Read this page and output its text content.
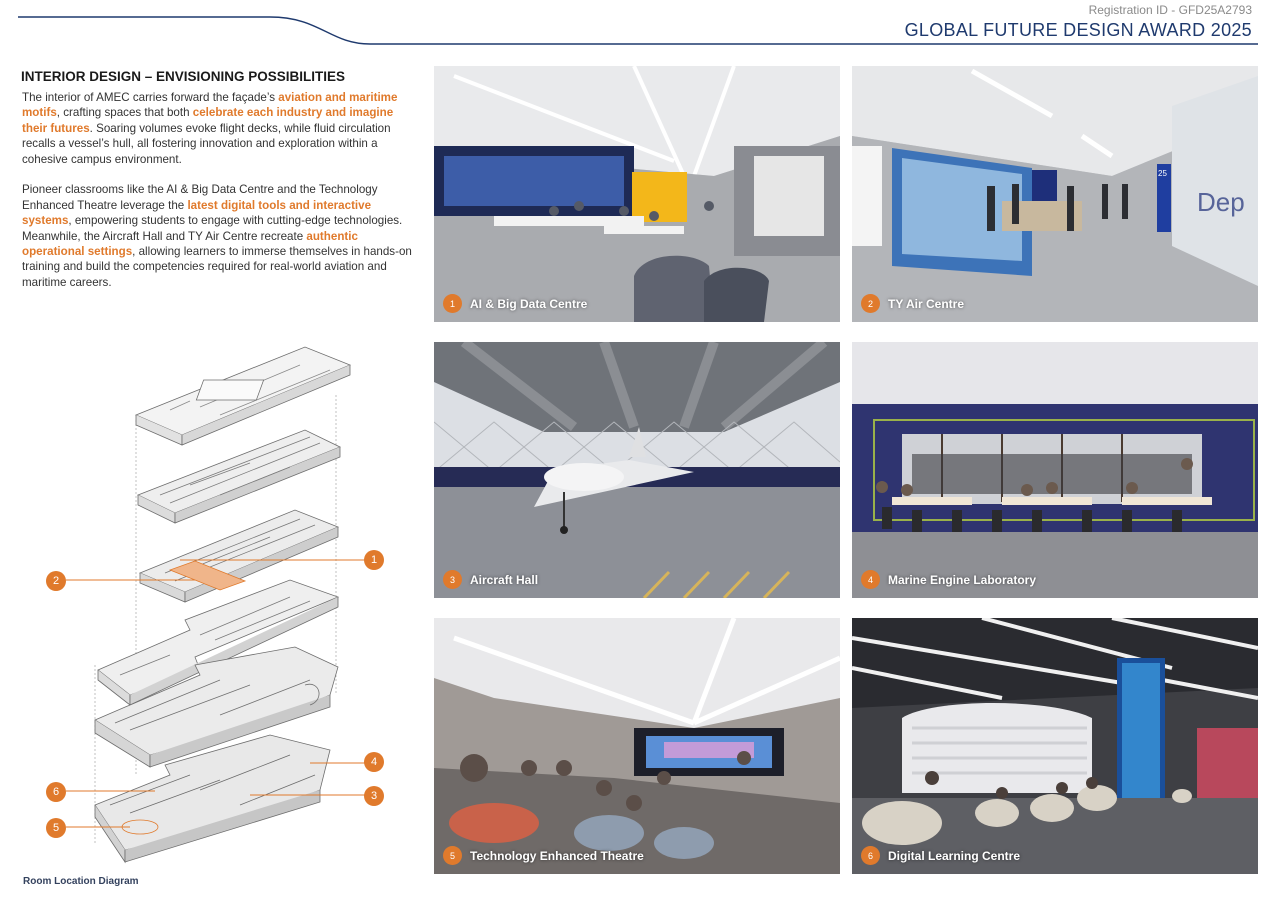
Registration ID - GFD25A2793
GLOBAL FUTURE DESIGN AWARD 2025
INTERIOR DESIGN – ENVISIONING POSSIBILITIES

The interior of AMEC carries forward the façade’s aviation and maritime motifs, crafting spaces that both celebrate each industry and imagine their futures. Soaring volumes evoke flight decks, while fluid circulation recalls a vessel’s hull, all fostering innovation and exploration within a cohesive campus environment.

Pioneer classrooms like the AI & Big Data Centre and the Technology Enhanced Theatre leverage the latest digital tools and interactive systems, empowering students to engage with cutting-edge technologies. Meanwhile, the Aircraft Hall and TY Air Centre recreate authentic operational settings, allowing learners to immerse themselves in hands-on training and build the competencies required for real-world aviation and maritime careers.

2
1
4
3
6
5
Room Location Diagram
1	AI & Big Data Centre
25
Dep
2	TY Air Centre
3	Aircraft Hall	4	Marine Engine Laboratory
5	Technology Enhanced Theatre	6	Digital Learning Centre
